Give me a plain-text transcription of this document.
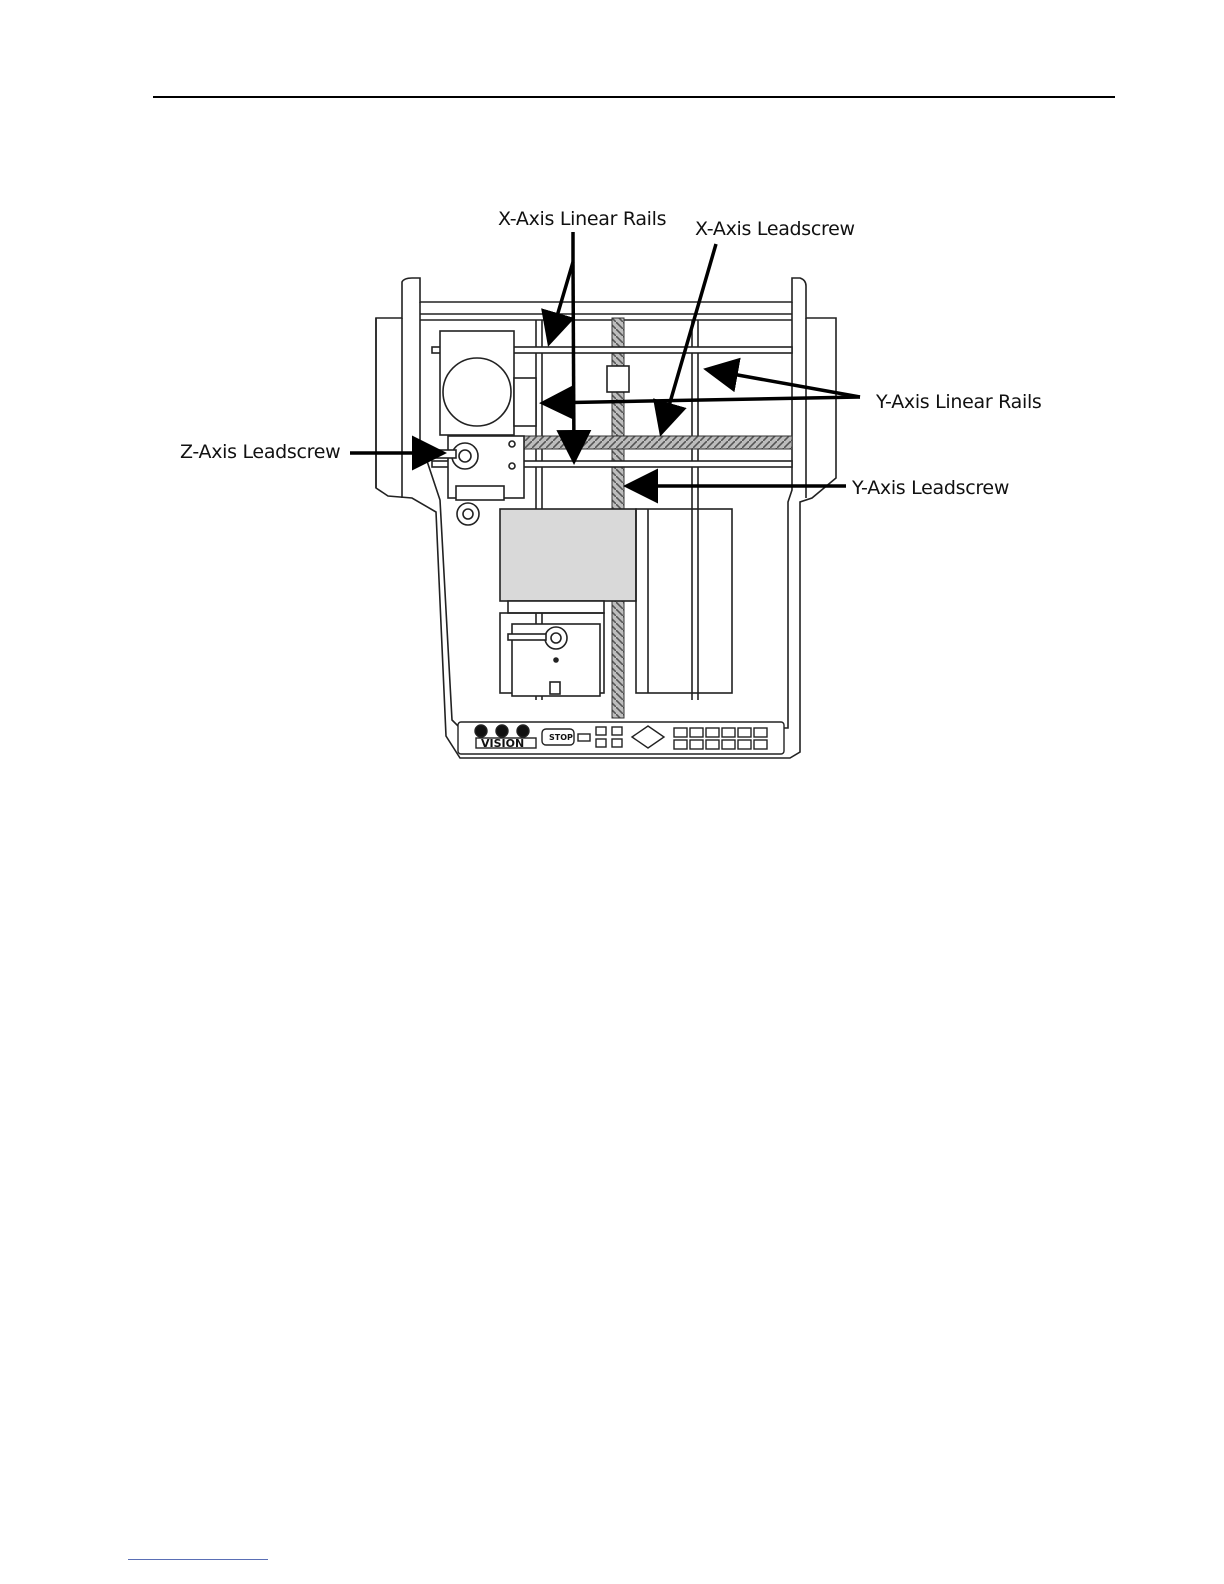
STOP
VISION
X-Axis Linear Rails X-Axis Leadscrew
Y-Axis Linear Rails
Z-Axis Leadscrew
Y-Axis Leadscrew
